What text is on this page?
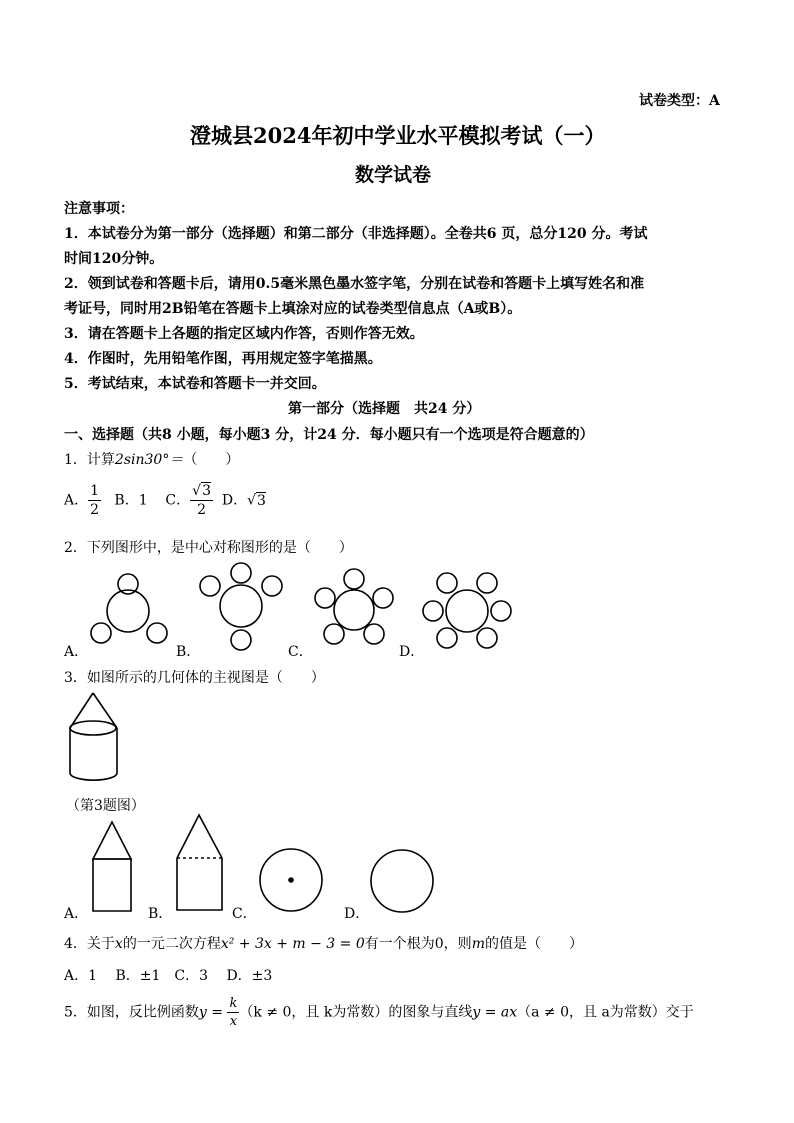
试卷类型：A
澄城县2024年初中学业水平模拟考试（一）
数学试卷
注意事项：
1．本试卷分为第一部分（选择题）和第二部分（非选择题）。全卷共6 页，总分120 分。考试
时间120分钟。
2．领到试卷和答题卡后，请用0.5毫米黑色墨水签字笔，分别在试卷和答题卡上填写姓名和准
考证号，同时用2B铅笔在答题卡上填涂对应的试卷类型信息点（A或B）。
3．请在答题卡上各题的指定区域内作答，否则作答无效。
4．作图时，先用铅笔作图，再用规定签字笔描黑。
5．考试结束，本试卷和答题卡一并交回。
第一部分（选择题　共24 分）
一、选择题（共8 小题，每小题3 分，计24 分．每小题只有一个选项是符合题意的）
1．计算2sin30°＝（　　）
A． $\frac{1}{2}$ B．1 C． $\frac{√3}{2}$ D．√3
2．下列图形中，是中心对称图形的是（　　）
A．	B．	C．	D．
3．如图所示的几何体的主视图是（　　）
（第3题图）
A．	B．	C．	D．
4．关于x的一元二次方程x² + 3x + m − 3 = 0有一个根为0，则m的值是（　　）
A．1　 B．±1　C．3　 D．±3
5．如图，反比例函数$y = \frac{k}{x} (k \ne 0$，且 k为常数）的图象与直线y = ax（a ≠ 0，且 a为常数）交于
